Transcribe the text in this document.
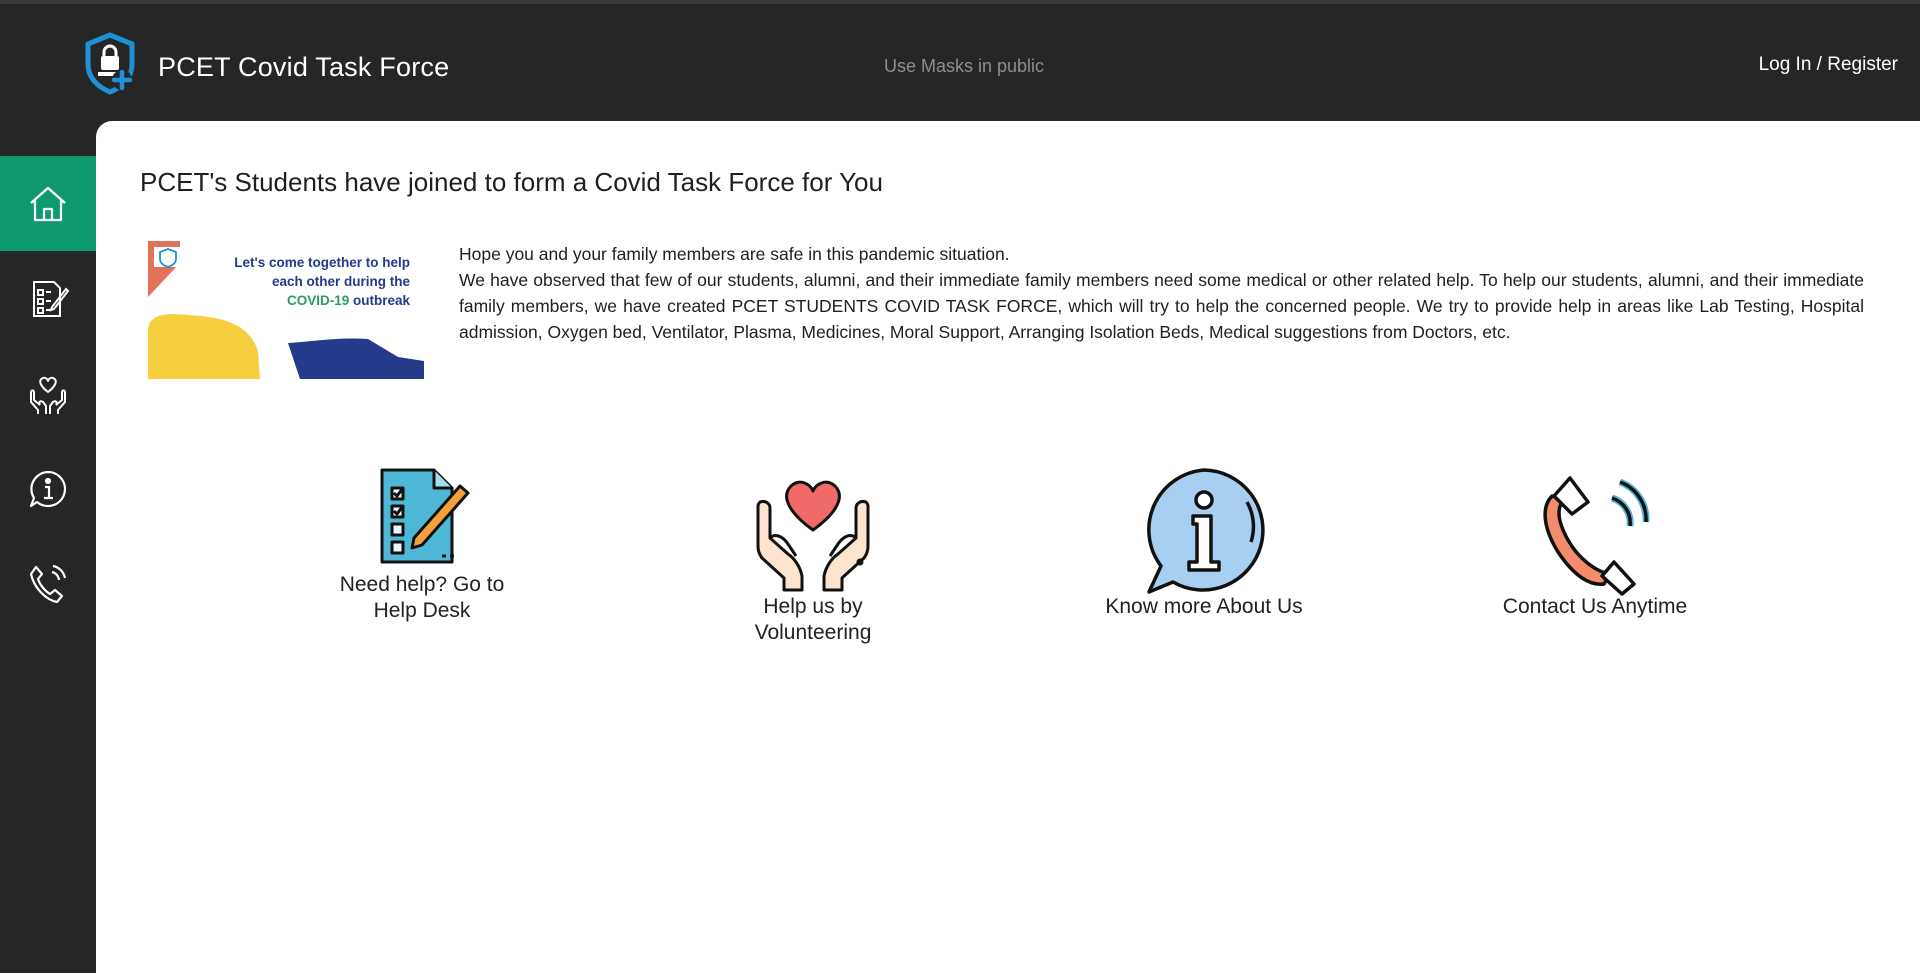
PCET Covid Task Force	Use Masks in public	Log In / Register
PCET's Students have joined to form a Covid Task Force for You
Let's come together to help
each other during the
COVID-19 outbreak

Hope you and your family members are safe in this pandemic situation.

We have observed that few of our students, alumni, and their immediate family members need some medical or other related help. To help our students, alumni, and their immediate family members, we have created PCET STUDENTS COVID TASK FORCE, which will try to help the concerned people. We try to provide help in areas like Lab Testing, Hospital admission, Oxygen bed, Ventilator, Plasma, Medicines, Moral Support, Arranging Isolation Beds, Medical suggestions from Doctors, etc.

Need help? Go to Help Desk	Help us by Volunteering
Know more About Us	Contact Us Anytime
